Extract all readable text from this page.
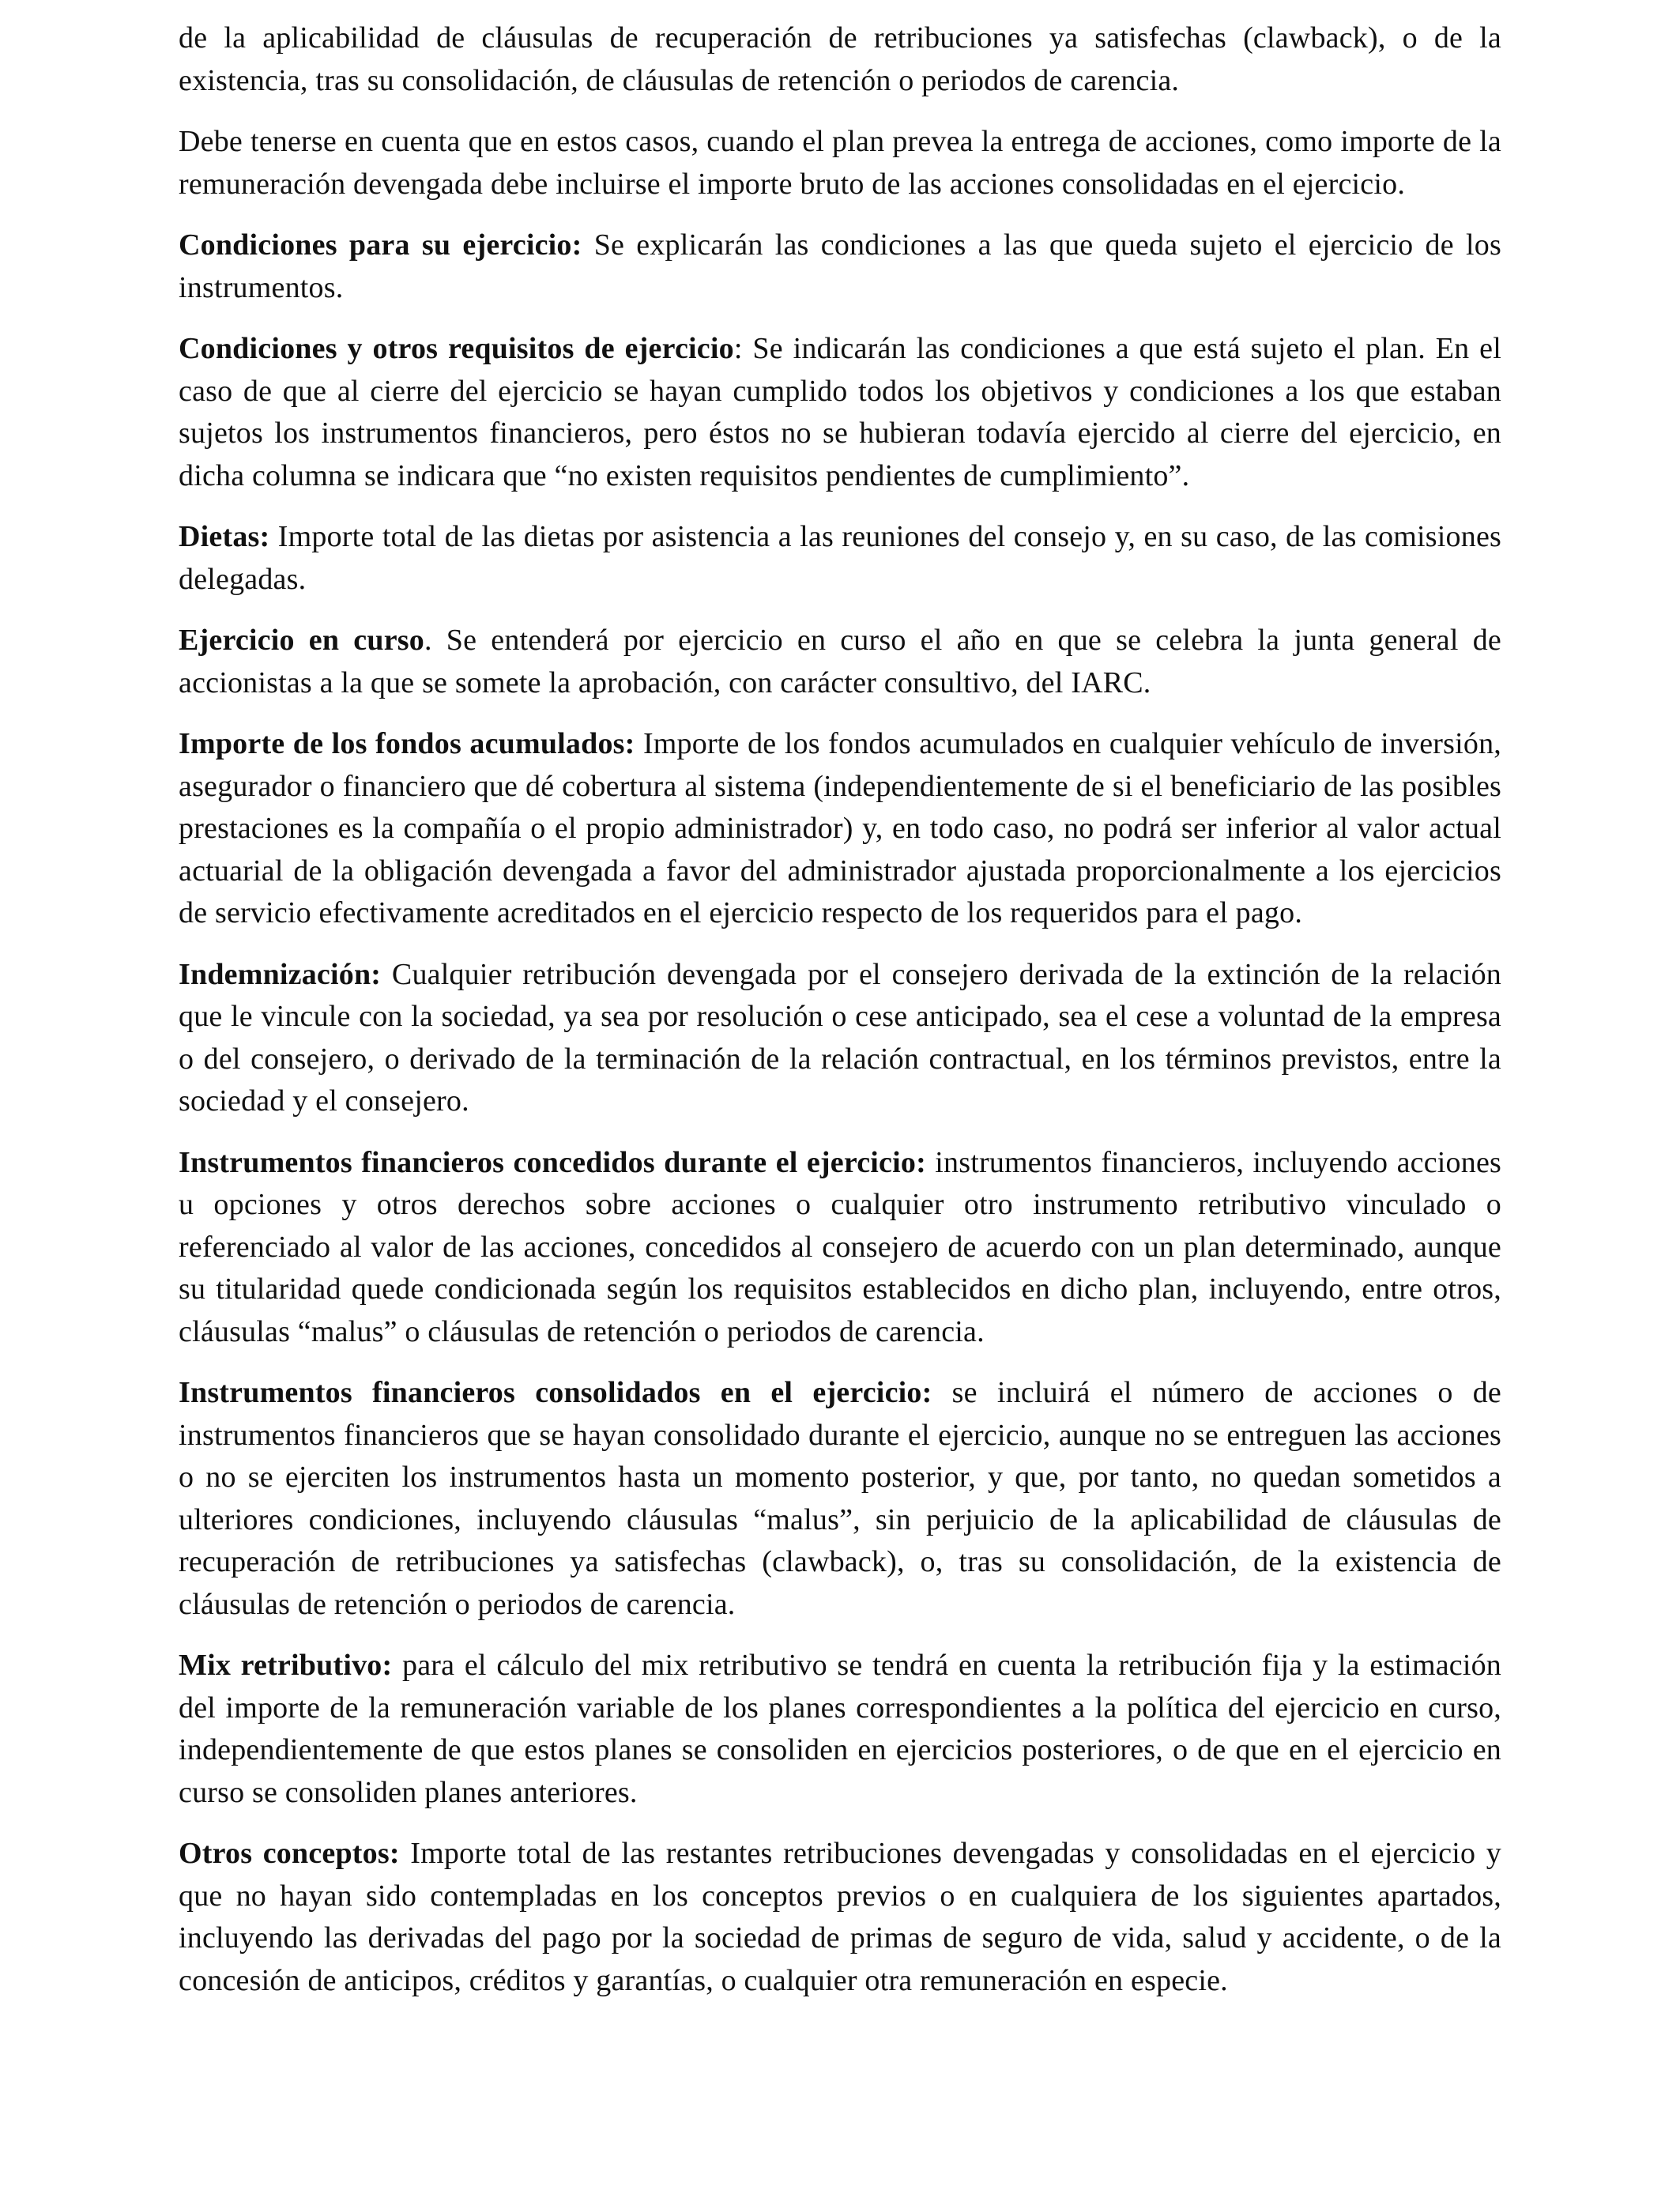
de la aplicabilidad de cláusulas de recuperación de retribuciones ya satisfechas (clawback), o de la existencia, tras su consolidación, de cláusulas de retención o periodos de carencia.

Debe tenerse en cuenta que en estos casos, cuando el plan prevea la entrega de acciones, como importe de la remuneración devengada debe incluirse el importe bruto de las acciones consolidadas en el ejercicio.

Condiciones para su ejercicio: Se explicarán las condiciones a las que queda sujeto el ejercicio de los instrumentos.

Condiciones y otros requisitos de ejercicio: Se indicarán las condiciones a que está sujeto el plan. En el caso de que al cierre del ejercicio se hayan cumplido todos los objetivos y condiciones a los que estaban sujetos los instrumentos financieros, pero éstos no se hubieran todavía ejercido al cierre del ejercicio, en dicha columna se indicara que “no existen requisitos pendientes de cumplimiento”.

Dietas: Importe total de las dietas por asistencia a las reuniones del consejo y, en su caso, de las comisiones delegadas.

Ejercicio en curso. Se entenderá por ejercicio en curso el año en que se celebra la junta general de accionistas a la que se somete la aprobación, con carácter consultivo, del IARC.

Importe de los fondos acumulados: Importe de los fondos acumulados en cualquier vehículo de inversión, asegurador o financiero que dé cobertura al sistema (independientemente de si el beneficiario de las posibles prestaciones es la compañía o el propio administrador) y, en todo caso, no podrá ser inferior al valor actual actuarial de la obligación devengada a favor del administrador ajustada proporcionalmente a los ejercicios de servicio efectivamente acreditados en el ejercicio respecto de los requeridos para el pago.

Indemnización: Cualquier retribución devengada por el consejero derivada de la extinción de la relación que le vincule con la sociedad, ya sea por resolución o cese anticipado, sea el cese a voluntad de la empresa o del consejero, o derivado de la terminación de la relación contractual, en los términos previstos, entre la sociedad y el consejero.

Instrumentos financieros concedidos durante el ejercicio: instrumentos financieros, incluyendo acciones u opciones y otros derechos sobre acciones o cualquier otro instrumento retributivo vinculado o referenciado al valor de las acciones, concedidos al consejero de acuerdo con un plan determinado, aunque su titularidad quede condicionada según los requisitos establecidos en dicho plan, incluyendo, entre otros, cláusulas “malus” o cláusulas de retención o periodos de carencia.

Instrumentos financieros consolidados en el ejercicio: se incluirá el número de acciones o de instrumentos financieros que se hayan consolidado durante el ejercicio, aunque no se entreguen las acciones o no se ejerciten los instrumentos hasta un momento posterior, y que, por tanto, no quedan sometidos a ulteriores condiciones, incluyendo cláusulas “malus”, sin perjuicio de la aplicabilidad de cláusulas de recuperación de retribuciones ya satisfechas (clawback), o, tras su consolidación, de la existencia de cláusulas de retención o periodos de carencia.

Mix retributivo: para el cálculo del mix retributivo se tendrá en cuenta la retribución fija y la estimación del importe de la remuneración variable de los planes correspondientes a la política del ejercicio en curso, independientemente de que estos planes se consoliden en ejercicios posteriores, o de que en el ejercicio en curso se consoliden planes anteriores.

Otros conceptos: Importe total de las restantes retribuciones devengadas y consolidadas en el ejercicio y que no hayan sido contempladas en los conceptos previos o en cualquiera de los siguientes apartados, incluyendo las derivadas del pago por la sociedad de primas de seguro de vida, salud y accidente, o de la concesión de anticipos, créditos y garantías, o cualquier otra remuneración en especie.
